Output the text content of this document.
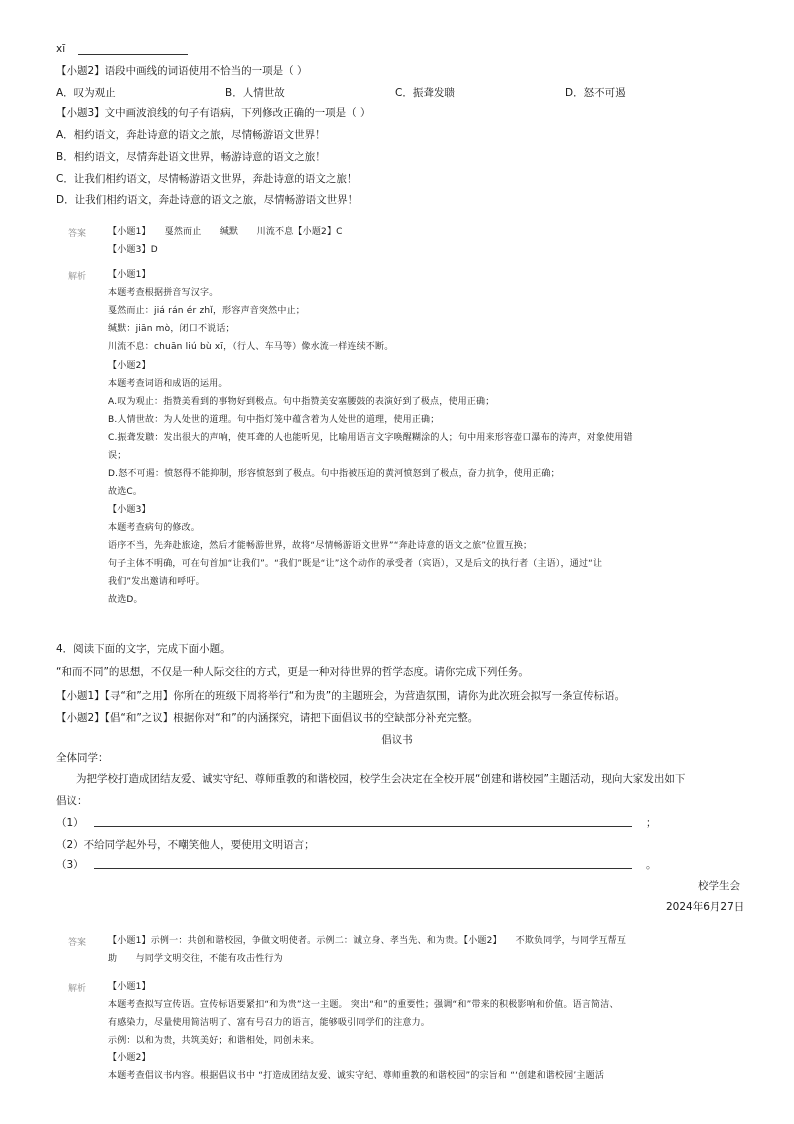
xī
【小题2】语段中画线的词语使用不恰当的一项是（ ）
A．叹为观止	B．人情世故	C．振聋发聩	D．怒不可遏
【小题3】文中画波浪线的句子有语病，下列修改正确的一项是（ ）
A．相约语文，奔赴诗意的语文之旅，尽情畅游语文世界！
B．相约语文，尽情奔赴语文世界，畅游诗意的语文之旅！
C．让我们相约语文，尽情畅游语文世界，奔赴诗意的语文之旅！
D．让我们相约语文，奔赴诗意的语文之旅，尽情畅游语文世界！
答案 【小题1】　　戛然而止　　缄默　　川流不息【小题2】C
【小题3】D
解析 【小题1】
本题考查根据拼音写汉字。
戛然而止：jiá rán ér zhǐ，形容声音突然中止；
缄默：jiān mò，闭口不说话；
川流不息：chuān liú bù xī，（行人、车马等）像水流一样连续不断。
【小题2】
本题考查词语和成语的运用。
A.叹为观止：指赞美看到的事物好到极点。句中指赞美安塞腰鼓的表演好到了极点，使用正确；
B.人情世故：为人处世的道理。句中指灯笼中蕴含着为人处世的道理，使用正确；
C.振聋发聩：发出很大的声响，使耳聋的人也能听见，比喻用语言文字唤醒糊涂的人；句中用来形容壶口瀑布的涛声，对象使用错
误；
D.怒不可遏：愤怒得不能抑制，形容愤怒到了极点。句中指被压迫的黄河愤怒到了极点，奋力抗争，使用正确；
故选C。
【小题3】
本题考查病句的修改。
语序不当，先奔赴旅途，然后才能畅游世界，故将“尽情畅游语文世界”“奔赴诗意的语文之旅”位置互换；
句子主体不明确，可在句首加“让我们”。“我们”既是“让”这个动作的承受者（宾语），又是后文的执行者（主语），通过“让
我们”发出邀请和呼吁。
故选D。
4．阅读下面的文字，完成下面小题。
“和而不同”的思想，不仅是一种人际交往的方式，更是一种对待世界的哲学态度。请你完成下列任务。
【小题1】【寻“和”之用】你所在的班级下周将举行“和为贵”的主题班会，为营造氛围，请你为此次班会拟写一条宣传标语。
【小题2】【倡“和”之议】根据你对“和”的内涵探究，请把下面倡议书的空缺部分补充完整。
倡议书
全体同学：
为把学校打造成团结友爱、诚实守纪、尊师重教的和谐校园，校学生会决定在全校开展“创建和谐校园”主题活动，现向大家发出如下
倡议：
（1）	；
（2）不给同学起外号，不嘲笑他人，要使用文明语言；
（3）	。
校学生会
2024年6月27日
答案 【小题1】示例一：共创和谐校园，争做文明使者。示例二：诚立身、孝当先、和为贵。【小题2】　　不欺负同学，与同学互帮互
助　　与同学文明交往，不能有攻击性行为
解析 【小题1】
本题考查拟写宣传语。宣传标语要紧扣“和为贵”这一主题。 突出“和”的重要性；强调“和”带来的积极影响和价值。语言简洁、
有感染力，尽量使用简洁明了、富有号召力的语言，能够吸引同学们的注意力。
示例：以和为贵，共筑美好；和谐相处，同创未来。
【小题2】
本题考查倡议书内容。根据倡议书中 “打造成团结友爱、诚实守纪、尊师重教的和谐校园”的宗旨和 “‘创建和谐校园’主题活
